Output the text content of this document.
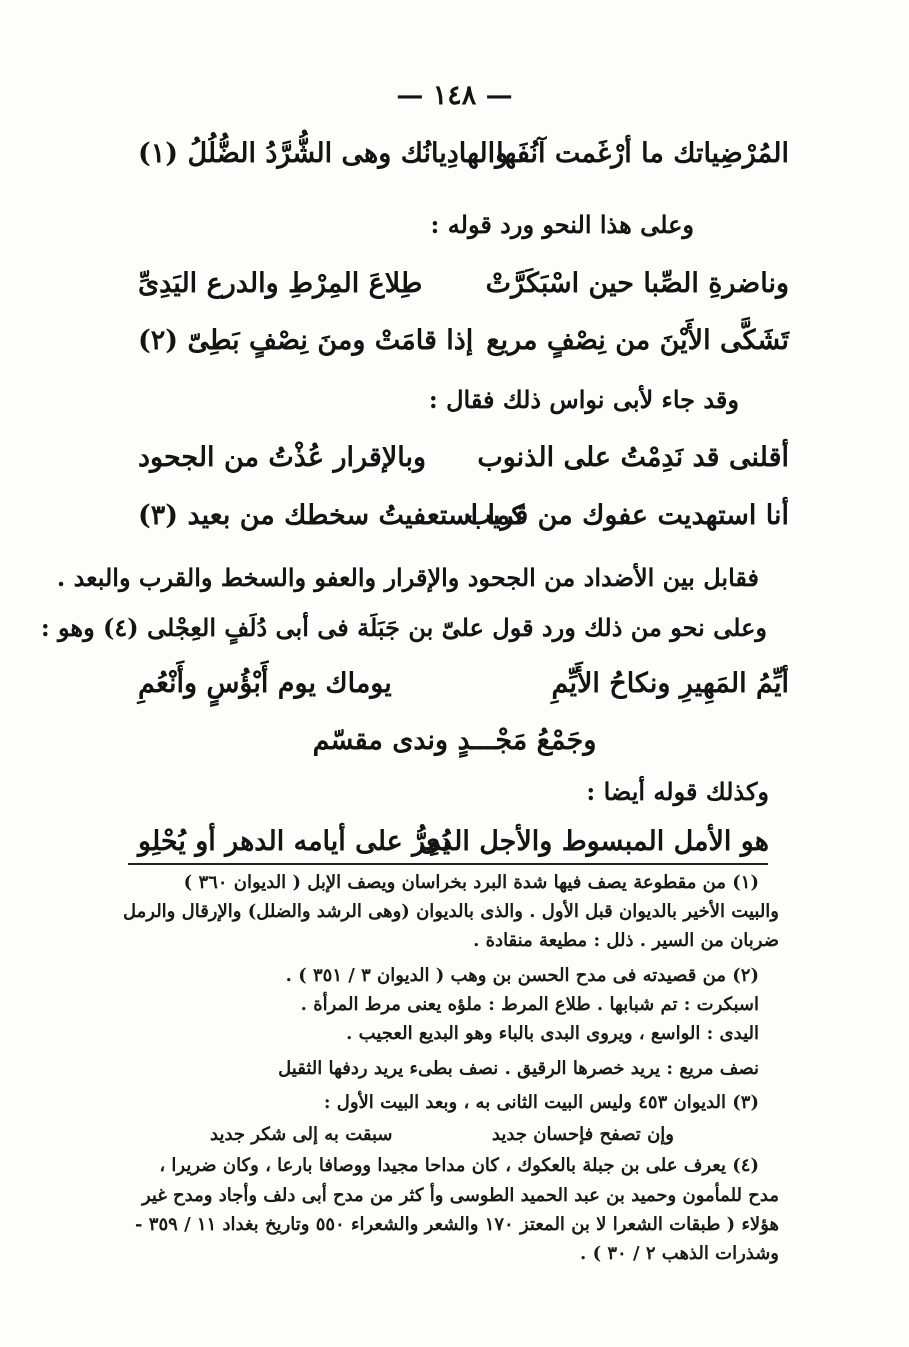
— ١٤٨ —
المُرْضِياتك ما أرْغَمت آنُفَها
والهادِيانُك وهى الشُّرَّدُ الضُّلُلُ (١)
وعلى هذا النحو ورد قوله :
وناضرةِ الصِّبا حين اسْبَكَرَّتْ
طِلاعَ المِرْطِ والدرع اليَدِىِّ
تَشَكَّى الأَيْنَ من نِصْفٍ مريع
إذا قامَتْ ومنَ نِصْفٍ بَطِىّ (٢)
وقد جاء لأبى نواس ذلك فقال :
أقلنى قد نَدِمْتُ على الذنوب
وبالإقرار عُذْتُ من الجحود
أنا استهديت عفوك من قريب
كما استعفيتُ سخطك من بعيد (٣)
فقابل بين الأضداد من الجحود والإقرار والعفو والسخط والقرب والبعد .
وعلى نحو من ذلك ورد قول علىّ بن جَبَلَة فى أبى دُلَفٍ العِجْلى (٤) وهو :
أيِّمُ المَهِيرِ ونكاحُ الأَيِّمِ
يوماك يوم أَبْؤُسٍ وأَنْعُمِ
وجَمْعُ مَجْـــدٍ وندى مقسّم
وكذلك قوله أيضا :
هو الأمل المبسوط والأجل الذى
يُمِرُّ على أيامه الدهر أو يُحْلِو
(١) من مقطوعة يصف فيها شدة البرد بخراسان ويصف الإبل ( الديوان ٣٦٠ )
والبيت الأخير بالديوان قبل الأول . والذى بالديوان (وهى الرشد والضلل) والإرقال والرمل
ضربان من السير . ذلل : مطيعة منقادة .
(٢) من قصيدته فى مدح الحسن بن وهب ( الديوان ٣ / ٣٥١ ) .
اسبكرت : تم شبابها . طلاع المرط : ملؤه يعنى مرط المرأة .
اليدى : الواسع ، ويروى البدى بالباء وهو البديع العجيب .
نصف مريع : يريد خصرها الرقيق . نصف بطىء يريد ردفها الثقيل
(٣) الديوان ٤٥٣ وليس البيت الثانى به ، وبعد البيت الأول :
وإن تصفح فإحسان جديد
سبقت به إلى شكر جديد
(٤) يعرف على بن جبلة بالعكوك ، كان مداحا مجيدا ووصافا بارعا ، وكان ضريرا ،
مدح للمأمون وحميد بن عبد الحميد الطوسى وأ كثر من مدح أبى دلف وأجاد ومدح غير
هؤلاء ( طبقات الشعرا لا بن المعتز ١٧٠ والشعر والشعراء ٥٥٠ وتاريخ بغداد ١١ / ٣٥٩ -
وشذرات الذهب ٢ / ٣٠ ) .
